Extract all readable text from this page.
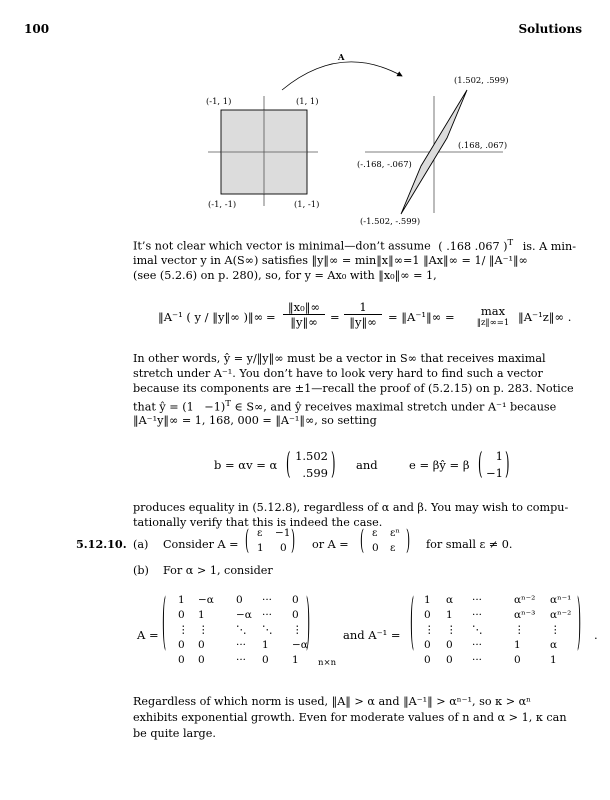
100	Solutions
(-1, 1)	(1, 1)
(-1, -1)	(1, -1)
A
(1.502, .599)
(.168, .067)
(-.168, -.067)
(-1.502, -.599)
It’s not clear which vector is minimal—don’t assume ( .168 .067 )$^T$ is. A min-
imal vector y in A(S∞) satisfies ‖y‖∞ = min‖x‖∞=1 ‖Ax‖∞ = 1/ ‖A⁻¹‖∞
(see (5.2.6) on p. 280), so, for y = Ax₀ with ‖x₀‖∞ = 1,
‖A⁻¹ ( y / ‖y‖∞ )‖∞ =
‖x₀‖∞
‖y‖∞	=
1
‖y‖∞ = ‖A⁻¹‖∞ =	max
‖z‖∞=1 ‖A⁻¹z‖∞ .
In other words, ŷ = y/‖y‖∞ must be a vector in S∞ that receives maximal
stretch under A⁻¹. You don’t have to look very hard to find such a vector
because its components are ±1—recall the proof of (5.2.15) on p. 283. Notice
that ŷ = $(1 -1)^T$ ∈ S∞, and ŷ receives maximal stretch under A⁻¹ because
‖A⁻¹y‖∞ = 1, 168, 000 = ‖A⁻¹‖∞, so setting
b = αv = α ( 1.502
.599 ) and	e = βŷ = β (	1
−1 )
produces equality in (5.12.8), regardless of α and β. You may wish to compu-
tationally verify that this is indeed the case.
5.12.10. (a) Consider A = ( ε −1
1 0 ) or A = ( ε εⁿ
0 ε ) for small ε ≠ 0.
(b) For α > 1, consider
A = ( 1 −α 0 ··· 0
0 1	−α ··· 0
⋮ ⋮	⋱ ⋱ ⋮
0 0	··· 1 −α
0 0	··· 0 1
)
n×n
and A⁻¹ = ( 1 α ···	αⁿ⁻² αⁿ⁻¹
0 1 ···	αⁿ⁻³ αⁿ⁻²
⋮ ⋮ ⋱	⋮ ⋮
0 0 ···	1	α
0 0 ···	0	1
) .
Regardless of which norm is used, ‖A‖ > α and ‖A⁻¹‖ > αⁿ⁻¹, so κ > αⁿ
exhibits exponential growth. Even for moderate values of n and α > 1, κ can
be quite large.
